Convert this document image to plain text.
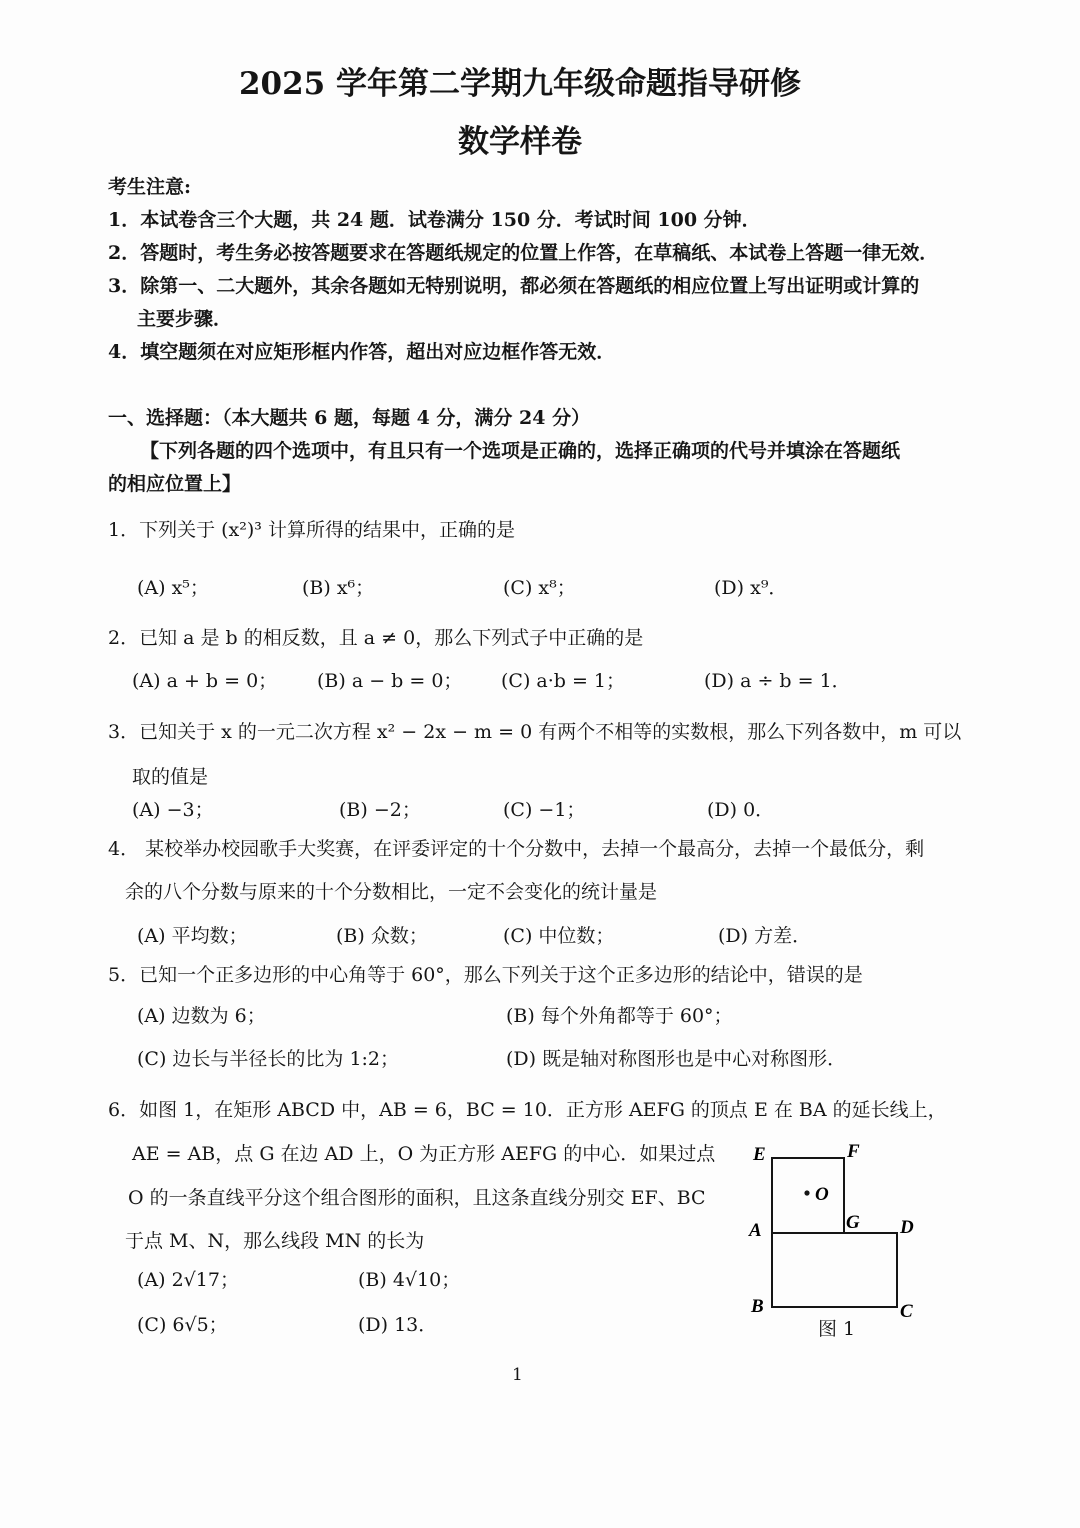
2025 学年第二学期九年级命题指导研修
数学样卷
考生注意:
1．本试卷含三个大题，共 24 题．试卷满分 150 分．考试时间 100 分钟．
2．答题时，考生务必按答题要求在答题纸规定的位置上作答，在草稿纸、本试卷上答题一律无效．
3．除第一、二大题外，其余各题如无特别说明，都必须在答题纸的相应位置上写出证明或计算的
主要步骤．
4．填空题须在对应矩形框内作答，超出对应边框作答无效．
一、选择题：（本大题共 6 题，每题 4 分，满分 24 分）
【下列各题的四个选项中，有且只有一个选项是正确的，选择正确项的代号并填涂在答题纸
的相应位置上】
1．下列关于 (x²)³ 计算所得的结果中，正确的是
(A) x⁵；	(B) x⁶；	(C) x⁸；	(D) x⁹．
2．已知 a 是 b 的相反数，且 a ≠ 0，那么下列式子中正确的是
(A) a + b = 0； (B) a − b = 0； (C) a·b = 1；	(D) a ÷ b = 1．
3．已知关于 x 的一元二次方程 x² − 2x − m = 0 有两个不相等的实数根，那么下列各数中，m 可以
取的值是
(A) −3；	(B) −2；	(C) −1；	(D) 0．
4． 某校举办校园歌手大奖赛，在评委评定的十个分数中，去掉一个最高分，去掉一个最低分，剩
余的八个分数与原来的十个分数相比，一定不会变化的统计量是
(A) 平均数；	(B) 众数；	(C) 中位数；	(D) 方差．
5．已知一个正多边形的中心角等于 60°，那么下列关于这个正多边形的结论中，错误的是
(A) 边数为 6；	(B) 每个外角都等于 60°；
(C) 边长与半径长的比为 1:2；	(D) 既是轴对称图形也是中心对称图形．
6．如图 1，在矩形 ABCD 中，AB = 6，BC = 10．正方形 AEFG 的顶点 E 在 BA 的延长线上，
AE = AB，点 G 在边 AD 上，O 为正方形 AEFG 的中心．如果过点
O 的一条直线平分这个组合图形的面积，且这条直线分别交 EF、BC
于点 M、N，那么线段 MN 的长为
(A) 2√17；	(B) 4√10；
(C) 6√5；	(D) 13．
E	F
O
A	G D
B	C
图 1
1
